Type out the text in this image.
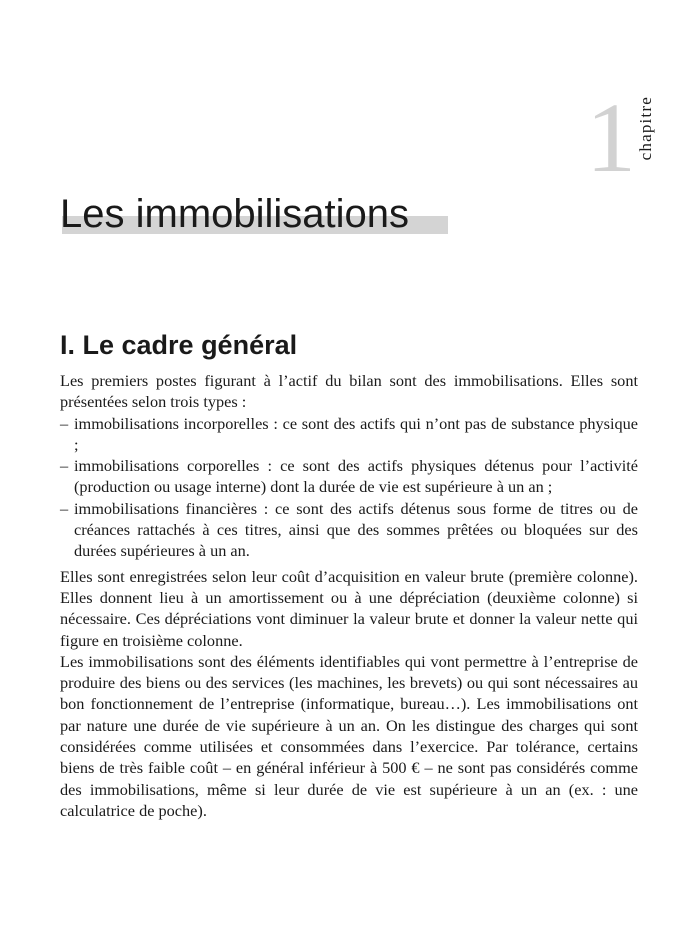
1 chapitre
Les immobilisations
I. Le cadre général

Les premiers postes figurant à l’actif du bilan sont des immobilisations. Elles sont présentées selon trois types :

– immobilisations incorporelles : ce sont des actifs qui n’ont pas de substance physique ;
– immobilisations corporelles : ce sont des actifs physiques détenus pour l’activité (production ou usage interne) dont la durée de vie est supérieure à un an ;
– immobilisations financières : ce sont des actifs détenus sous forme de titres ou de créances rattachés à ces titres, ainsi que des sommes prêtées ou bloquées sur des durées supérieures à un an.

Elles sont enregistrées selon leur coût d’acquisition en valeur brute (première colonne). Elles donnent lieu à un amortissement ou à une dépréciation (deuxième colonne) si nécessaire. Ces dépréciations vont diminuer la valeur brute et donner la valeur nette qui figure en troisième colonne.

Les immobilisations sont des éléments identifiables qui vont permettre à l’entreprise de produire des biens ou des services (les machines, les brevets) ou qui sont nécessaires au bon fonctionnement de l’entreprise (informatique, bureau…). Les immobilisations ont par nature une durée de vie supérieure à un an. On les distingue des charges qui sont considérées comme utilisées et consommées dans l’exercice. Par tolérance, certains biens de très faible coût – en général inférieur à 500 € – ne sont pas considérés comme des immobilisations, même si leur durée de vie est supérieure à un an (ex. : une calculatrice de poche).
